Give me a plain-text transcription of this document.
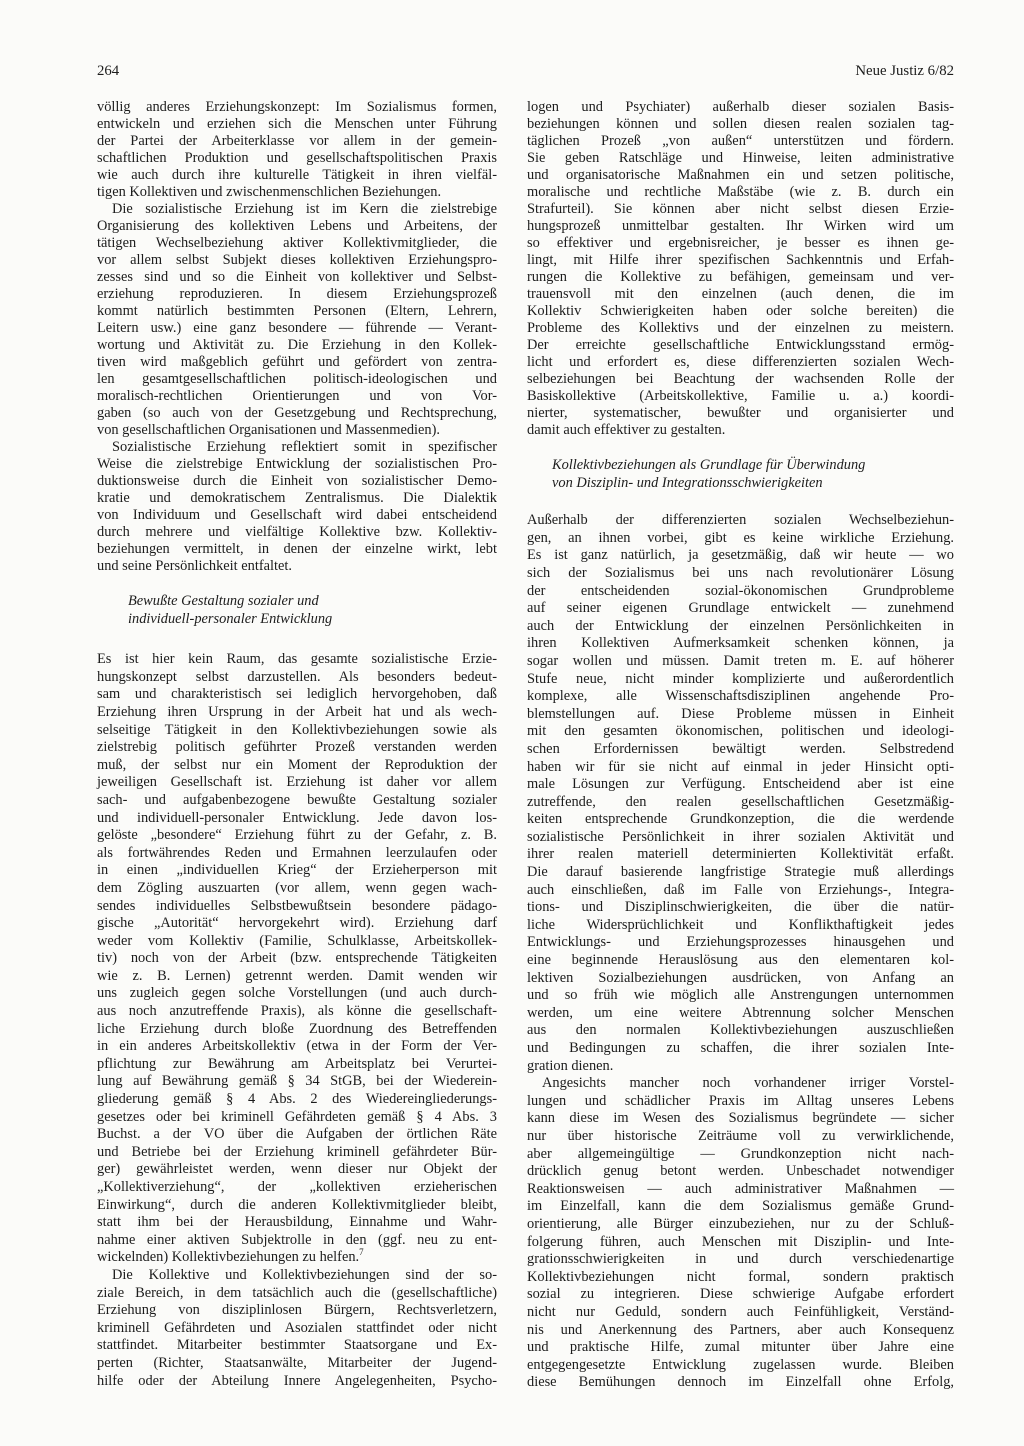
264	Neue Justiz 6/82
völlig anderes Erziehungskonzept: Im Sozialismus formen,
entwickeln und erziehen sich die Menschen unter Führung
der Partei der Arbeiterklasse vor allem in der gemein-
schaftlichen Produktion und gesellschaftspolitischen Praxis
wie auch durch ihre kulturelle Tätigkeit in ihren vielfäl-
tigen Kollektiven und zwischenmenschlichen Beziehungen.
Die sozialistische Erziehung ist im Kern die zielstrebige
Organisierung des kollektiven Lebens und Arbeitens, der
tätigen Wechselbeziehung aktiver Kollektivmitglieder, die
vor allem selbst Subjekt dieses kollektiven Erziehungspro-
zesses sind und so die Einheit von kollektiver und Selbst-
erziehung reproduzieren. In diesem Erziehungsprozeß
kommt natürlich bestimmten Personen (Eltern, Lehrern,
Leitern usw.) eine ganz besondere — führende — Verant-
wortung und Aktivität zu. Die Erziehung in den Kollek-
tiven wird maßgeblich geführt und gefördert von zentra-
len gesamtgesellschaftlichen politisch-ideologischen und
moralisch-rechtlichen Orientierungen und von Vor-
gaben (so auch von der Gesetzgebung und Rechtsprechung,
von gesellschaftlichen Organisationen und Massenmedien).
Sozialistische Erziehung reflektiert somit in spezifischer
Weise die zielstrebige Entwicklung der sozialistischen Pro-
duktionsweise durch die Einheit von sozialistischer Demo-
kratie und demokratischem Zentralismus. Die Dialektik
von Individuum und Gesellschaft wird dabei entscheidend
durch mehrere und vielfältige Kollektive bzw. Kollektiv-
beziehungen vermittelt, in denen der einzelne wirkt, lebt
und seine Persönlichkeit entfaltet.
Bewußte Gestaltung sozialer und
individuell-personaler Entwicklung
Es ist hier kein Raum, das gesamte sozialistische Erzie-
hungskonzept selbst darzustellen. Als besonders bedeut-
sam und charakteristisch sei lediglich hervorgehoben, daß
Erziehung ihren Ursprung in der Arbeit hat und als wech-
selseitige Tätigkeit in den Kollektivbeziehungen sowie als
zielstrebig politisch geführter Prozeß verstanden werden
muß, der selbst nur ein Moment der Reproduktion der
jeweiligen Gesellschaft ist. Erziehung ist daher vor allem
sach- und aufgabenbezogene bewußte Gestaltung sozialer
und individuell-personaler Entwicklung. Jede davon los-
gelöste „besondere“ Erziehung führt zu der Gefahr, z. B.
als fortwährendes Reden und Ermahnen leerzulaufen oder
in einen „individuellen Krieg“ der Erzieherperson mit
dem Zögling auszuarten (vor allem, wenn gegen wach-
sendes individuelles Selbstbewußtsein besondere pädago-
gische „Autorität“ hervorgekehrt wird). Erziehung darf
weder vom Kollektiv (Familie, Schulklasse, Arbeitskollek-
tiv) noch von der Arbeit (bzw. entsprechende Tätigkeiten
wie z. B. Lernen) getrennt werden. Damit wenden wir
uns zugleich gegen solche Vorstellungen (und auch durch-
aus noch anzutreffende Praxis), als könne die gesellschaft-
liche Erziehung durch bloße Zuordnung des Betreffenden
in ein anderes Arbeitskollektiv (etwa in der Form der Ver-
pflichtung zur Bewährung am Arbeitsplatz bei Verurtei-
lung auf Bewährung gemäß § 34 StGB, bei der Wiederein-
gliederung gemäß § 4 Abs. 2 des Wiedereingliederungs-
gesetzes oder bei kriminell Gefährdeten gemäß § 4 Abs. 3
Buchst. a der VO über die Aufgaben der örtlichen Räte
und Betriebe bei der Erziehung kriminell gefährdeter Bür-
ger) gewährleistet werden, wenn dieser nur Objekt der
„Kollektiverziehung“, der „kollektiven erzieherischen
Einwirkung“, durch die anderen Kollektivmitglieder bleibt,
statt ihm bei der Herausbildung, Einnahme und Wahr-
nahme einer aktiven Subjektrolle in den (ggf. neu zu ent-
wickelnden) Kollektivbeziehungen zu helfen.$^7$
Die Kollektive und Kollektivbeziehungen sind der so-
ziale Bereich, in dem tatsächlich auch die (gesellschaftliche)
Erziehung von disziplinlosen Bürgern, Rechtsverletzern,
kriminell Gefährdeten und Asozialen stattfindet oder nicht
stattfindet. Mitarbeiter bestimmter Staatsorgane und Ex-
perten (Richter, Staatsanwälte, Mitarbeiter der Jugend-
hilfe oder der Abteilung Innere Angelegenheiten, Psycho-
logen und Psychiater) außerhalb dieser sozialen Basis-
beziehungen können und sollen diesen realen sozialen tag-
täglichen Prozeß „von außen“ unterstützen und fördern.
Sie geben Ratschläge und Hinweise, leiten administrative
und organisatorische Maßnahmen ein und setzen politische,
moralische und rechtliche Maßstäbe (wie z. B. durch ein
Strafurteil). Sie können aber nicht selbst diesen Erzie-
hungsprozeß unmittelbar gestalten. Ihr Wirken wird um
so effektiver und ergebnisreicher, je besser es ihnen ge-
lingt, mit Hilfe ihrer spezifischen Sachkenntnis und Erfah-
rungen die Kollektive zu befähigen, gemeinsam und ver-
trauensvoll mit den einzelnen (auch denen, die im
Kollektiv Schwierigkeiten haben oder solche bereiten) die
Probleme des Kollektivs und der einzelnen zu meistern.
Der erreichte gesellschaftliche Entwicklungsstand ermög-
licht und erfordert es, diese differenzierten sozialen Wech-
selbeziehungen bei Beachtung der wachsenden Rolle der
Basiskollektive (Arbeitskollektive, Familie u. a.) koordi-
nierter, systematischer, bewußter und organisierter und
damit auch effektiver zu gestalten.
Kollektivbeziehungen als Grundlage für Überwindung
von Disziplin- und Integrationsschwierigkeiten
Außerhalb der differenzierten sozialen Wechselbeziehun-
gen, an ihnen vorbei, gibt es keine wirkliche Erziehung.
Es ist ganz natürlich, ja gesetzmäßig, daß wir heute — wo
sich der Sozialismus bei uns nach revolutionärer Lösung
der entscheidenden sozial-ökonomischen Grundprobleme
auf seiner eigenen Grundlage entwickelt — zunehmend
auch der Entwicklung der einzelnen Persönlichkeiten in
ihren Kollektiven Aufmerksamkeit schenken können, ja
sogar wollen und müssen. Damit treten m. E. auf höherer
Stufe neue, nicht minder komplizierte und außerordentlich
komplexe, alle Wissenschaftsdisziplinen angehende Pro-
blemstellungen auf. Diese Probleme müssen in Einheit
mit den gesamten ökonomischen, politischen und ideologi-
schen Erfordernissen bewältigt werden. Selbstredend
haben wir für sie nicht auf einmal in jeder Hinsicht opti-
male Lösungen zur Verfügung. Entscheidend aber ist eine
zutreffende, den realen gesellschaftlichen Gesetzmäßig-
keiten entsprechende Grundkonzeption, die die werdende
sozialistische Persönlichkeit in ihrer sozialen Aktivität und
ihrer realen materiell determinierten Kollektivität erfaßt.
Die darauf basierende langfristige Strategie muß allerdings
auch einschließen, daß im Falle von Erziehungs-, Integra-
tions- und Disziplinschwierigkeiten, die über die natür-
liche Widersprüchlichkeit und Konflikthaftigkeit jedes
Entwicklungs- und Erziehungsprozesses hinausgehen und
eine beginnende Herauslösung aus den elementaren kol-
lektiven Sozialbeziehungen ausdrücken, von Anfang an
und so früh wie möglich alle Anstrengungen unternommen
werden, um eine weitere Abtrennung solcher Menschen
aus den normalen Kollektivbeziehungen auszuschließen
und Bedingungen zu schaffen, die ihrer sozialen Inte-
gration dienen.
Angesichts mancher noch vorhandener irriger Vorstel-
lungen und schädlicher Praxis im Alltag unseres Lebens
kann diese im Wesen des Sozialismus begründete — sicher
nur über historische Zeiträume voll zu verwirklichende,
aber allgemeingültige — Grundkonzeption nicht nach-
drücklich genug betont werden. Unbeschadet notwendiger
Reaktionsweisen — auch administrativer Maßnahmen —
im Einzelfall, kann die dem Sozialismus gemäße Grund-
orientierung, alle Bürger einzubeziehen, nur zu der Schluß-
folgerung führen, auch Menschen mit Disziplin- und Inte-
grationsschwierigkeiten in und durch verschiedenartige
Kollektivbeziehungen nicht formal, sondern praktisch
sozial zu integrieren. Diese schwierige Aufgabe erfordert
nicht nur Geduld, sondern auch Feinfühligkeit, Verständ-
nis und Anerkennung des Partners, aber auch Konsequenz
und praktische Hilfe, zumal mitunter über Jahre eine
entgegengesetzte Entwicklung zugelassen wurde. Bleiben
diese Bemühungen dennoch im Einzelfall ohne Erfolg,
